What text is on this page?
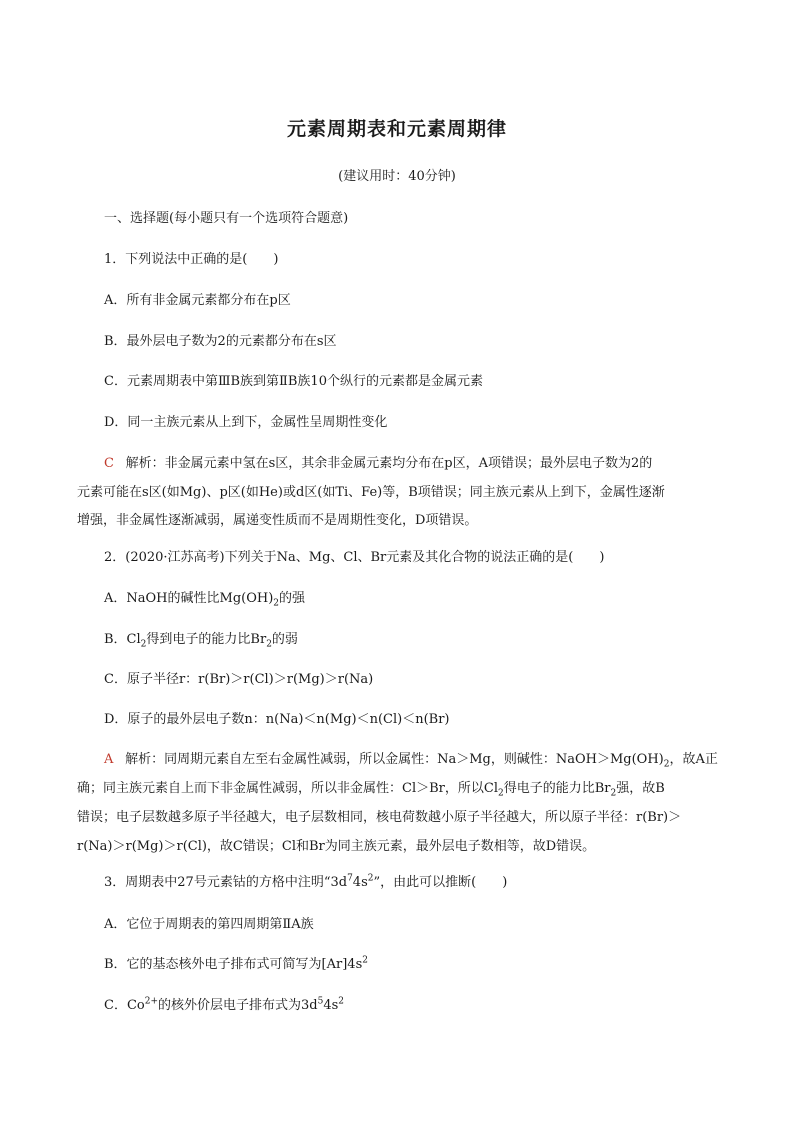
元素周期表和元素周期律
(建议用时：40分钟)
一、选择题(每小题只有一个选项符合题意)
1．下列说法中正确的是(　　)
A．所有非金属元素都分布在p区
B．最外层电子数为2的元素都分布在s区
C．元素周期表中第ⅢB族到第ⅡB族10个纵行的元素都是金属元素
D．同一主族元素从上到下，金属性呈周期性变化
C 解析：非金属元素中氢在s区，其余非金属元素均分布在p区，A项错误；最外层电子数为2的
元素可能在s区(如Mg)、p区(如He)或d区(如Ti、Fe)等，B项错误；同主族元素从上到下，金属性逐渐
增强，非金属性逐渐减弱，属递变性质而不是周期性变化，D项错误。
2．(2020·江苏高考)下列关于Na、Mg、Cl、Br元素及其化合物的说法正确的是(　　)
A．NaOH的碱性比$Mg(OH)_2$的强
B．$Cl_2$得到电子的能力比$Br_2$的弱
C．原子半径r：r(Br)＞r(Cl)＞r(Mg)＞r(Na)
D．原子的最外层电子数n：n(Na)＜n(Mg)＜n(Cl)＜n(Br)
A 解析：同周期元素自左至右金属性减弱，所以金属性：Na＞Mg，则碱性：$NaOH>Mg(OH)_2$，故A正
确；同主族元素自上而下非金属性减弱，所以非金属性：Cl＞Br，所以$Cl_2$得电子的能力比$Br_2$强，故B
错误；电子层数越多原子半径越大，电子层数相同，核电荷数越小原子半径越大，所以原子半径：r(Br)＞
r(Na)＞r(Mg)＞r(Cl)，故C错误；Cl和Br为同主族元素，最外层电子数相等，故D错误。
3．周期表中27号元素钴的方格中注明“$3d^74s^2$”，由此可以推断(　　)
A．它位于周期表的第四周期第ⅡA族
B．它的基态核外电子排布式可简写为$[Ar]4s^2$
C．$Co^{2+}$的核外价层电子排布式为$3d^54s^2$
